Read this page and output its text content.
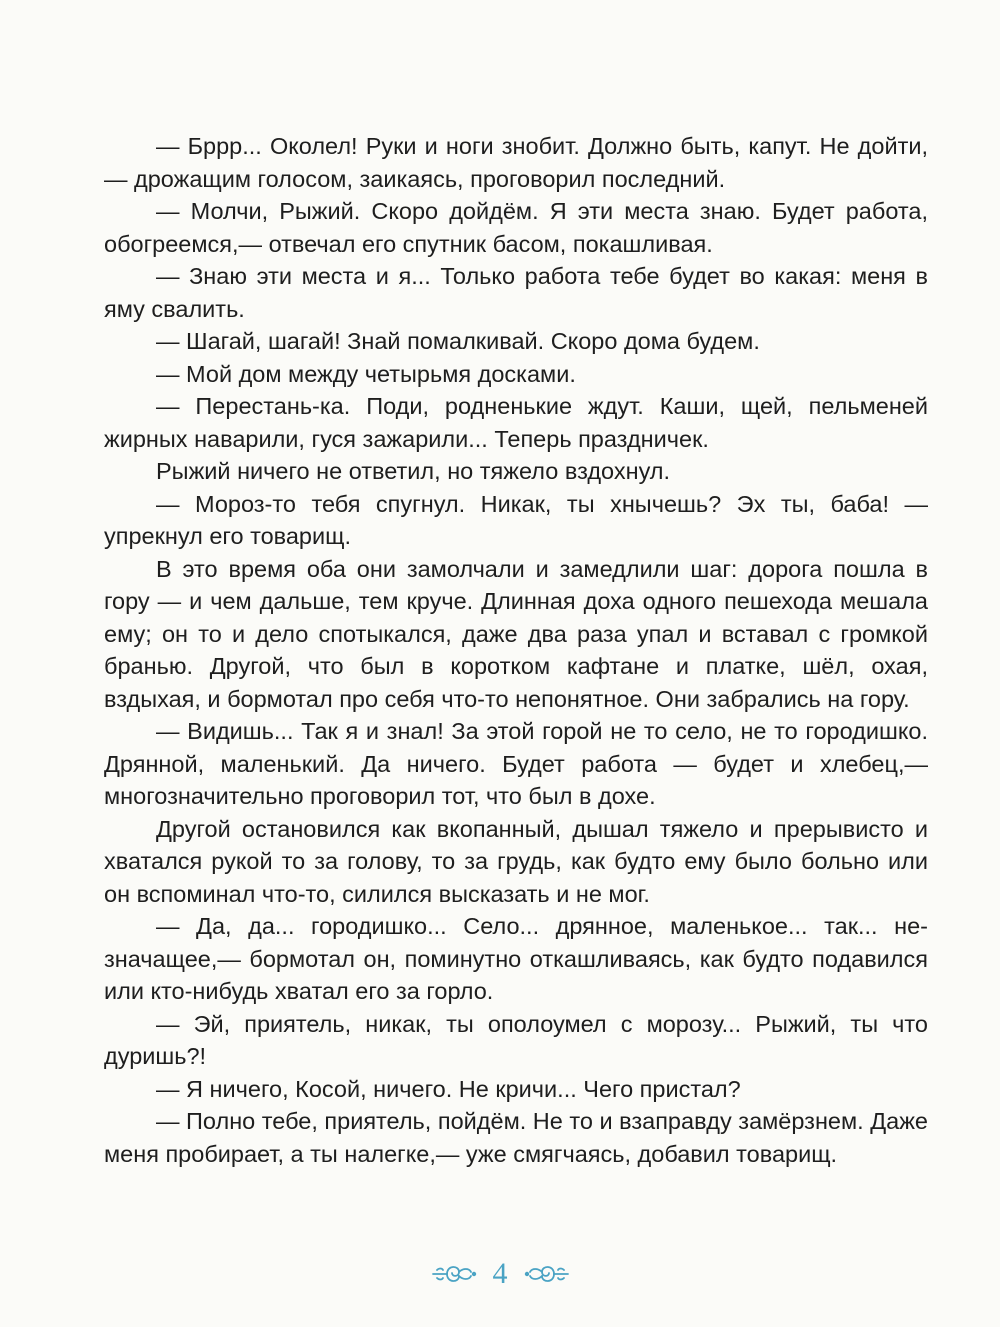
— Бррр... Околел! Руки и ноги знобит. Должно быть, капут. Не дойти,— дрожащим голосом, заикаясь, проговорил последний.

— Молчи, Рыжий. Скоро дойдём. Я эти места знаю. Будет работа, обогреемся,— отвечал его спутник басом, покашливая.

— Знаю эти места и я... Только работа тебе будет во какая: меня в яму свалить.

— Шагай, шагай! Знай помалкивай. Скоро дома будем.

— Мой дом между четырьмя досками.

— Перестань-ка. Поди, родненькие ждут. Каши, щей, пельменей жирных наварили, гуся зажарили... Теперь праздничек.

Рыжий ничего не ответил, но тяжело вздохнул.

— Мороз-то тебя спугнул. Никак, ты хнычешь? Эх ты, баба! — упрекнул его товарищ.

В это время оба они замолчали и замедлили шаг: дорога пошла в гору — и чем дальше, тем круче. Длинная доха одного пешехода мешала ему; он то и дело спотыкался, даже два раза упал и вставал с громкой бранью. Другой, что был в коротком кафтане и платке, шёл, охая, вздыхая, и бормотал про себя что-то непонятное. Они забрались на гору.

— Видишь... Так я и знал! За этой горой не то село, не то городишко. Дрянной, маленький. Да ничего. Будет работа — будет и хлебец,— многозначительно проговорил тот, что был в дохе.

Другой остановился как вкопанный, дышал тяжело и прерывисто и хватался рукой то за голову, то за грудь, как будто ему было больно или он вспоминал что-то, силился высказать и не мог.

— Да, да... городишко... Село... дрянное, маленькое... так... незначащее,— бормотал он, поминутно откашливаясь, как будто подавился или кто-нибудь хватал его за горло.

— Эй, приятель, никак, ты ополоумел с морозу... Рыжий, ты что дуришь?!

— Я ничего, Косой, ничего. Не кричи... Чего пристал?

— Полно тебе, приятель, пойдём. Не то и взаправду замёрзнем. Даже меня пробирает, а ты налегке,— уже смягчаясь, добавил товарищ.

4
